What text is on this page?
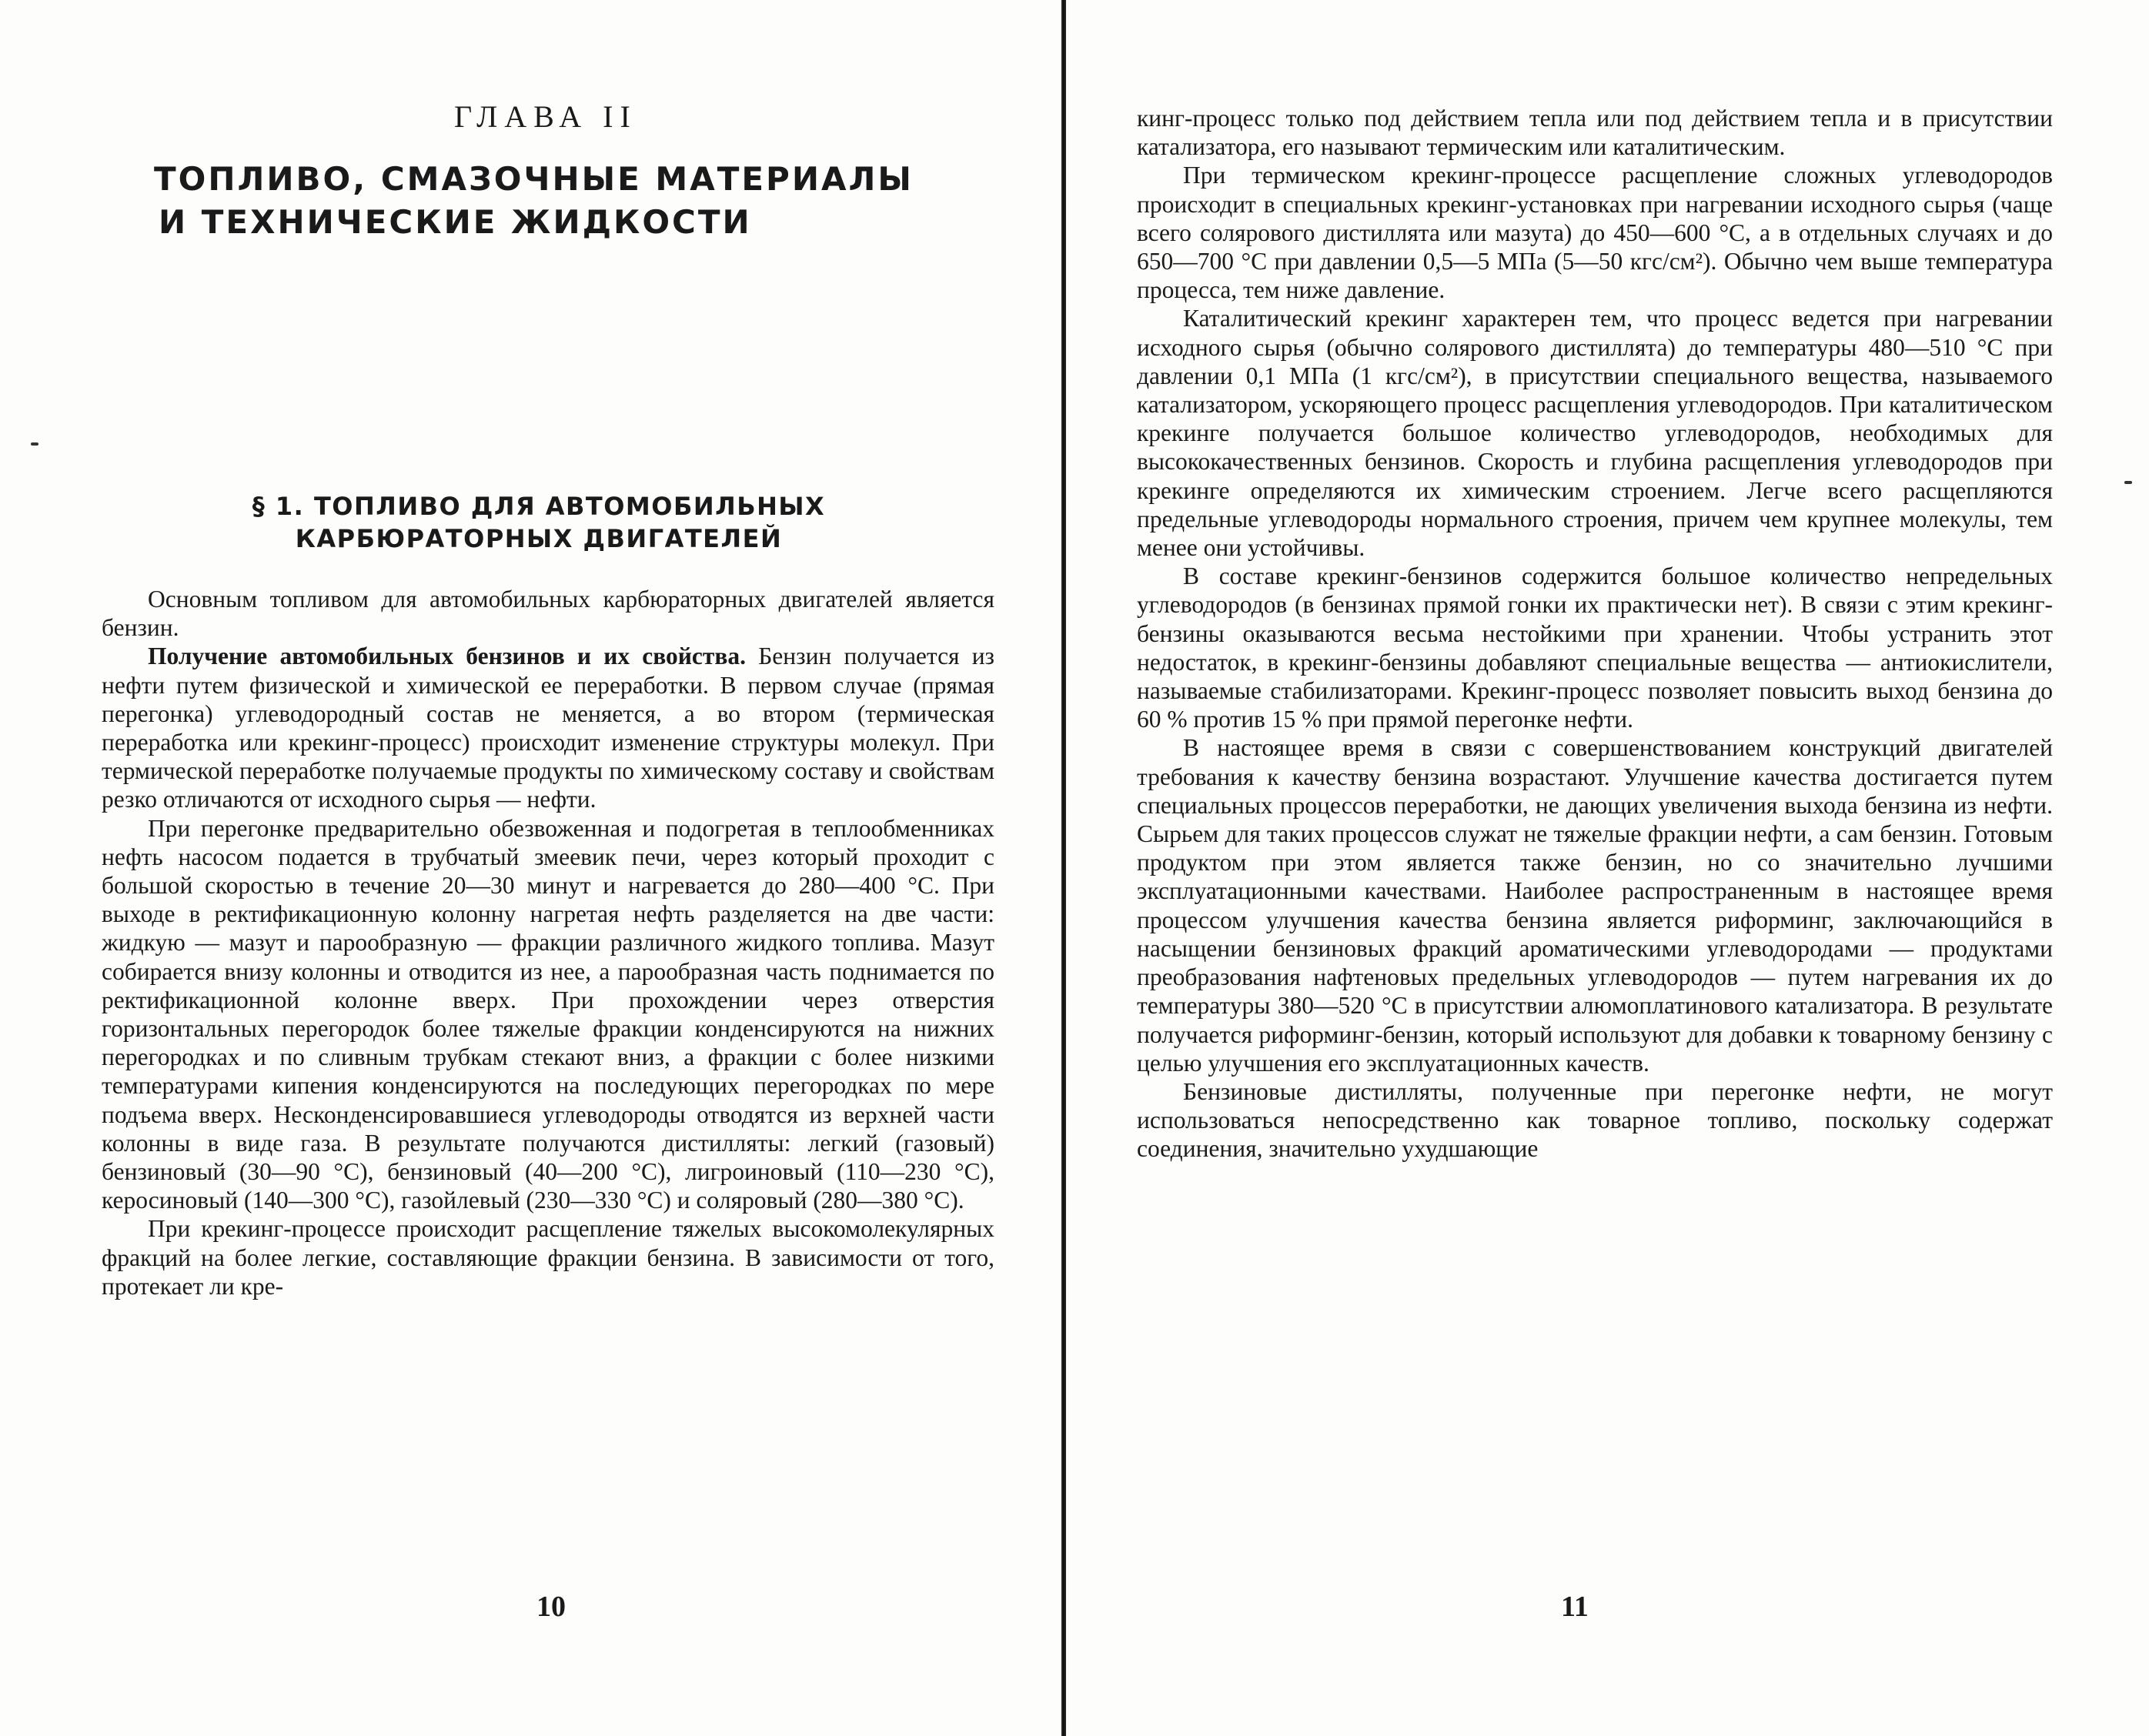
ГЛАВА II
ТОПЛИВО, СМАЗОЧНЫЕ МАТЕРИАЛЫ
И ТЕХНИЧЕСКИЕ ЖИДКОСТИ
§ 1. ТОПЛИВО ДЛЯ АВТОМОБИЛЬНЫХ
КАРБЮРАТОРНЫХ ДВИГАТЕЛЕЙ

Основным топливом для автомобильных карбюраторных двигателей является бензин.

Получение автомобильных бензинов и их свойства. Бензин получается из нефти путем физической и химической ее переработки. В первом случае (прямая перегонка) углеводородный состав не меняется, а во втором (термическая переработка или крекинг-процесс) происходит изменение структуры молекул. При термической переработке получаемые продукты по химическому составу и свойствам резко отличаются от исходного сырья — нефти.

При перегонке предварительно обезвоженная и подогретая в теплообменниках нефть насосом подается в трубчатый змеевик печи, через который проходит с большой скоростью в течение 20—30 минут и нагревается до 280—400 °С. При выходе в ректификационную колонну нагретая нефть разделяется на две части: жидкую — мазут и парообразную — фракции различного жидкого топлива. Мазут собирается внизу колонны и отводится из нее, а парообразная часть поднимается по ректификационной колонне вверх. При прохождении через отверстия горизонтальных перегородок более тяжелые фракции конденсируются на нижних перегородках и по сливным трубкам стекают вниз, а фракции с более низкими температурами кипения конденсируются на последующих перегородках по мере подъема вверх. Несконденсировавшиеся углеводороды отводятся из верхней части колонны в виде газа. В результате получаются дистилляты: легкий (газовый) бензиновый (30—90 °С), бензиновый (40—200 °С), лигроиновый (110—230 °С), керосиновый (140—300 °С), газойлевый (230—330 °С) и соляровый (280—380 °С).

При крекинг-процессе происходит расщепление тяжелых высокомолекулярных фракций на более легкие, составляющие фракции бензина. В зависимости от того, протекает ли кре-

10

кинг-процесс только под действием тепла или под действием тепла и в присутствии катализатора, его называют термическим или каталитическим.

При термическом крекинг-процессе расщепление сложных углеводородов происходит в специальных крекинг-установках при нагревании исходного сырья (чаще всего солярового дистиллята или мазута) до 450—600 °С, а в отдельных случаях и до 650—700 °С при давлении 0,5—5 МПа (5—50 кгс/см²). Обычно чем выше температура процесса, тем ниже давление.

Каталитический крекинг характерен тем, что процесс ведется при нагревании исходного сырья (обычно солярового дистиллята) до температуры 480—510 °С при давлении 0,1 МПа (1 кгс/см²), в присутствии специального вещества, называемого катализатором, ускоряющего процесс расщепления углеводородов. При каталитическом крекинге получается большое количество углеводородов, необходимых для высококачественных бензинов. Скорость и глубина расщепления углеводородов при крекинге определяются их химическим строением. Легче всего расщепляются предельные углеводороды нормального строения, причем чем крупнее молекулы, тем менее они устойчивы.

В составе крекинг-бензинов содержится большое количество непредельных углеводородов (в бензинах прямой гонки их практически нет). В связи с этим крекинг-бензины оказываются весьма нестойкими при хранении. Чтобы устранить этот недостаток, в крекинг-бензины добавляют специальные вещества — антиокислители, называемые стабилизаторами. Крекинг-процесс позволяет повысить выход бензина до 60 % против 15 % при прямой перегонке нефти.

В настоящее время в связи с совершенствованием конструкций двигателей требования к качеству бензина возрастают. Улучшение качества достигается путем специальных процессов переработки, не дающих увеличения выхода бензина из нефти. Сырьем для таких процессов служат не тяжелые фракции нефти, а сам бензин. Готовым продуктом при этом является также бензин, но со значительно лучшими эксплуатационными качествами. Наиболее распространенным в настоящее время процессом улучшения качества бензина является риформинг, заключающийся в насыщении бензиновых фракций ароматическими углеводородами — продуктами преобразования нафтеновых предельных углеводородов — путем нагревания их до температуры 380—520 °С в присутствии алюмоплатинового катализатора. В результате получается риформинг-бензин, который используют для добавки к товарному бензину с целью улучшения его эксплуатационных качеств.

Бензиновые дистилляты, полученные при перегонке нефти, не могут использоваться непосредственно как товарное топливо, поскольку содержат соединения, значительно ухудшающие

11
